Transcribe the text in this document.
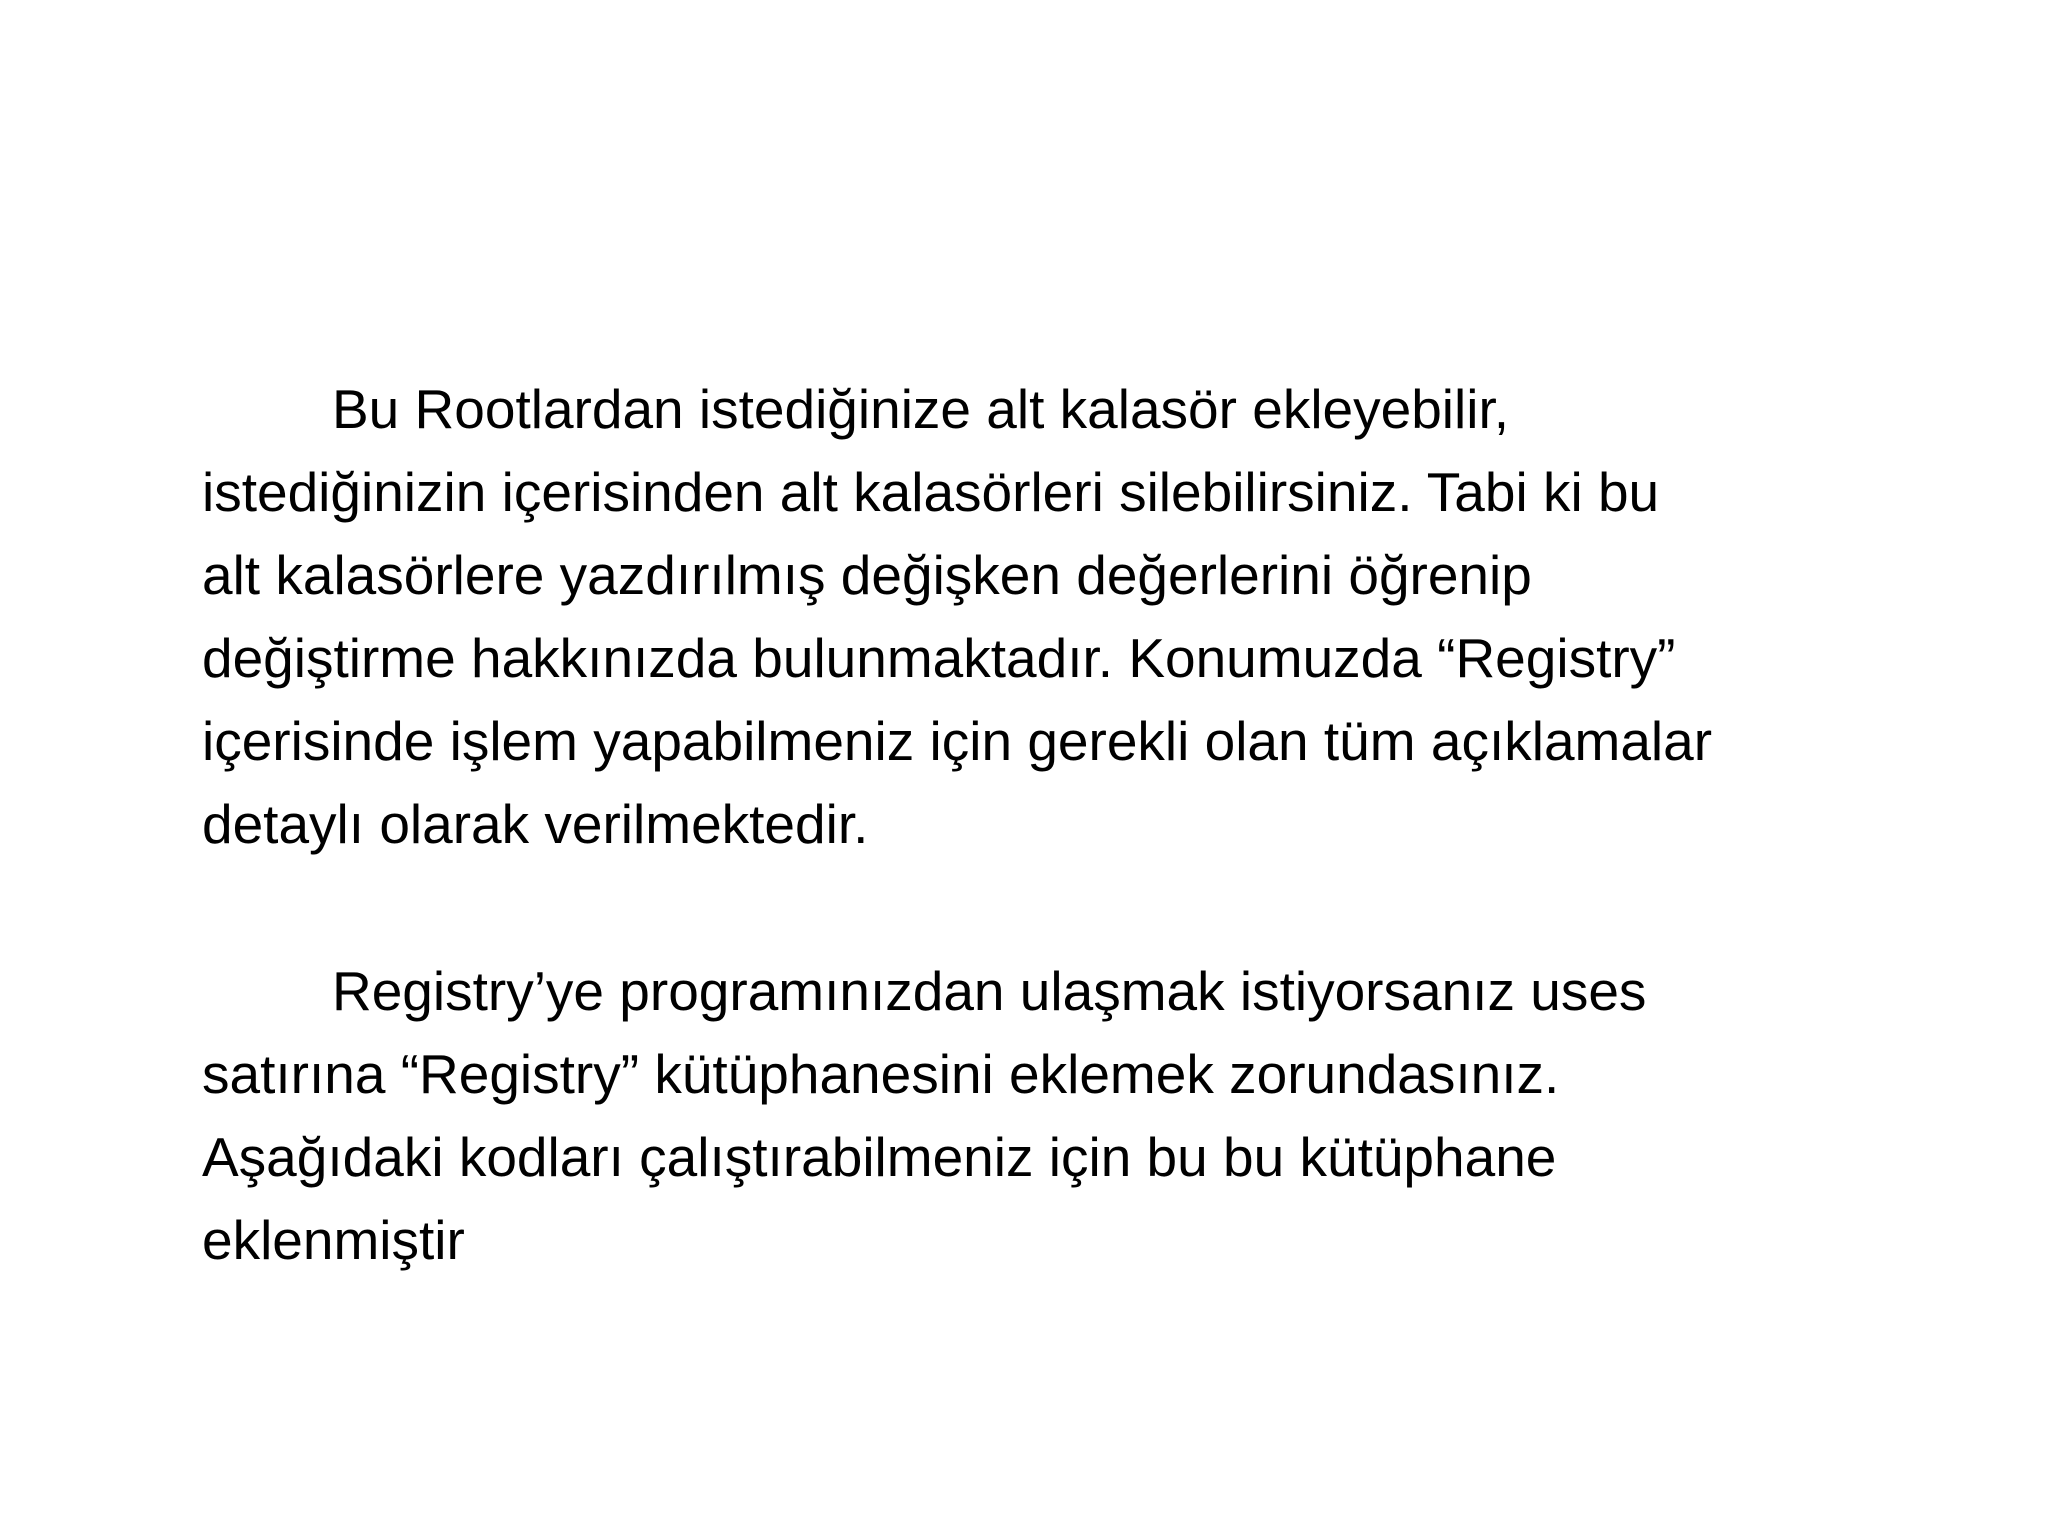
Bu Rootlardan istediğinize alt kalasör ekleyebilir,
istediğinizin içerisinden alt kalasörleri silebilirsiniz. Tabi ki bu
alt kalasörlere yazdırılmış değişken değerlerini öğrenip
değiştirme hakkınızda bulunmaktadır. Konumuzda “Registry”
içerisinde işlem yapabilmeniz için gerekli olan tüm açıklamalar
detaylı olarak verilmektedir.

Registry’ye programınızdan ulaşmak istiyorsanız uses
satırına “Registry” kütüphanesini eklemek zorundasınız.
Aşağıdaki kodları çalıştırabilmeniz için bu bu kütüphane
eklenmiştir
